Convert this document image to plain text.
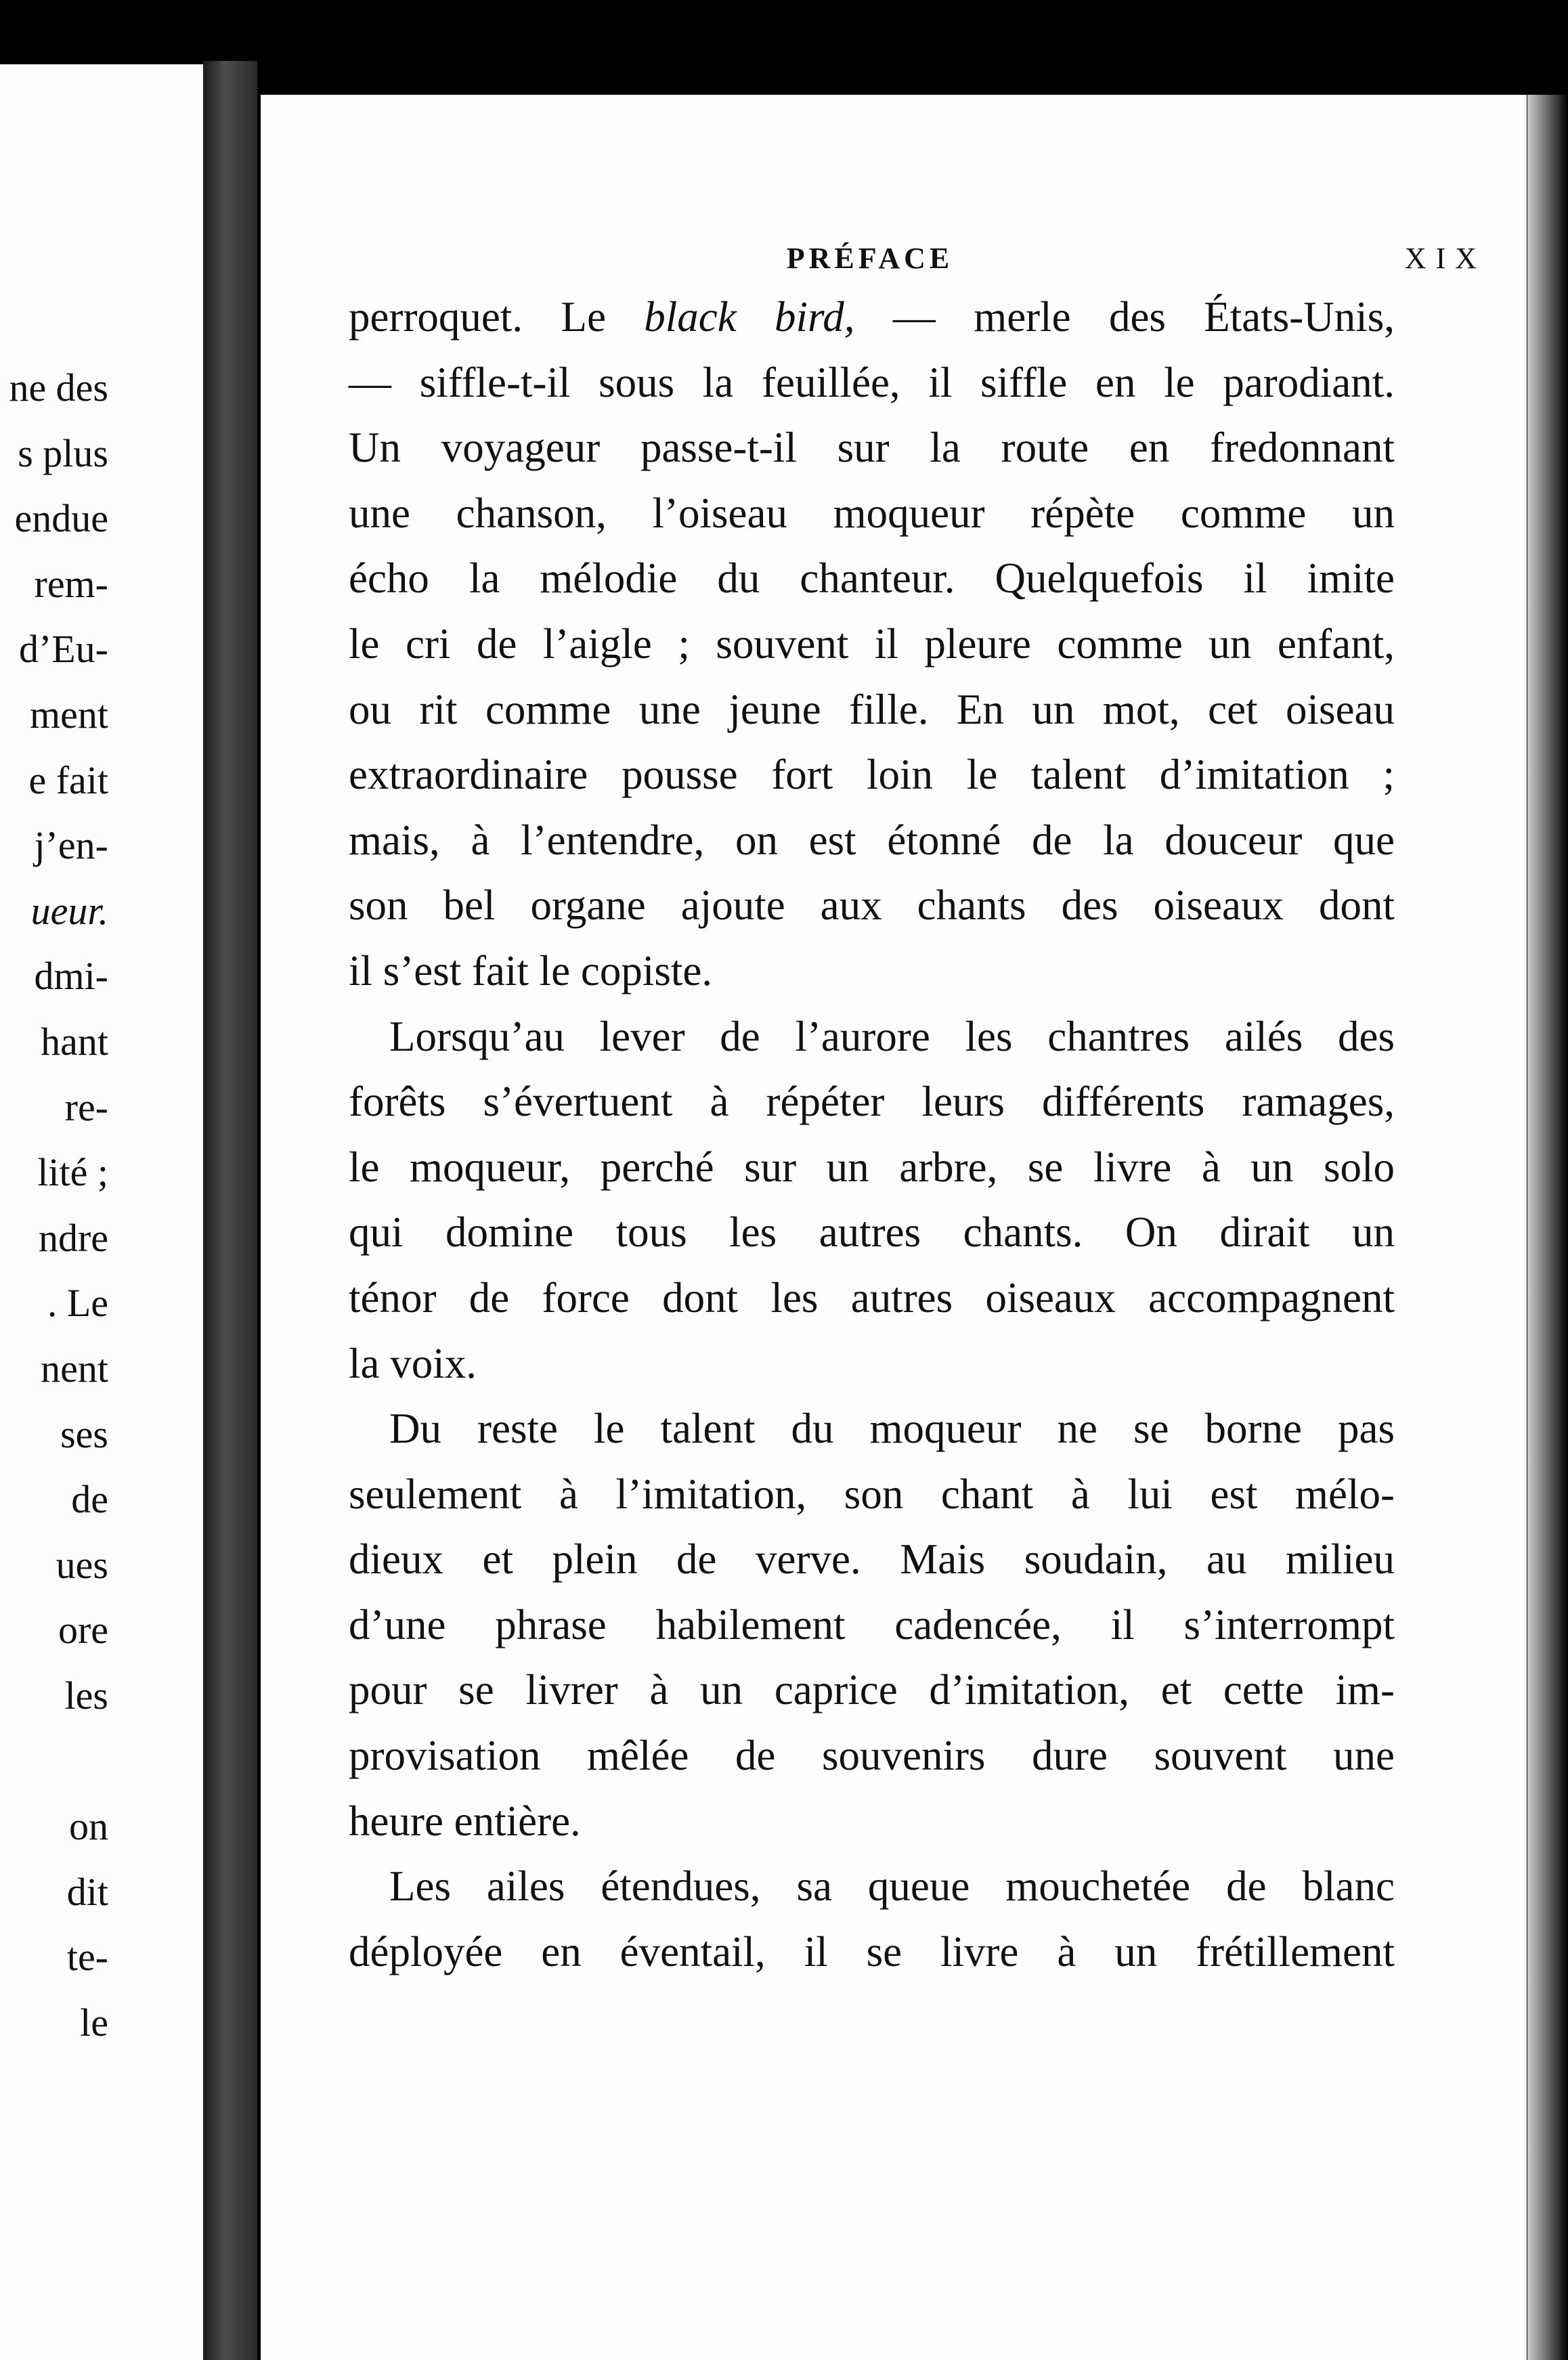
ne des
s plus
endue
rem-
d’Eu-
ment
e fait
j’en-
ueur.
dmi-
hant
re-
lité ;
ndre
. Le
nent
ses
de
ues
ore
les
on
dit
te-
le
PRÉFACE	XIX
perroquet. Le black bird, — merle des États-Unis,
— siffle-t-il sous la feuillée, il siffle en le parodiant.
Un voyageur passe-t-il sur la route en fredonnant
une chanson, l’oiseau moqueur répète comme un
écho la mélodie du chanteur. Quelquefois il imite
le cri de l’aigle ; souvent il pleure comme un enfant,
ou rit comme une jeune fille. En un mot, cet oiseau
extraordinaire pousse fort loin le talent d’imitation ;
mais, à l’entendre, on est étonné de la douceur que
son bel organe ajoute aux chants des oiseaux dont
il s’est fait le copiste.
Lorsqu’au lever de l’aurore les chantres ailés des
forêts s’évertuent à répéter leurs différents ramages,
le moqueur, perché sur un arbre, se livre à un solo
qui domine tous les autres chants. On dirait un
ténor de force dont les autres oiseaux accompagnent
la voix.
Du reste le talent du moqueur ne se borne pas
seulement à l’imitation, son chant à lui est mélo-
dieux et plein de verve. Mais soudain, au milieu
d’une phrase habilement cadencée, il s’interrompt
pour se livrer à un caprice d’imitation, et cette im-
provisation mêlée de souvenirs dure souvent une
heure entière.
Les ailes étendues, sa queue mouchetée de blanc
déployée en éventail, il se livre à un frétillement
